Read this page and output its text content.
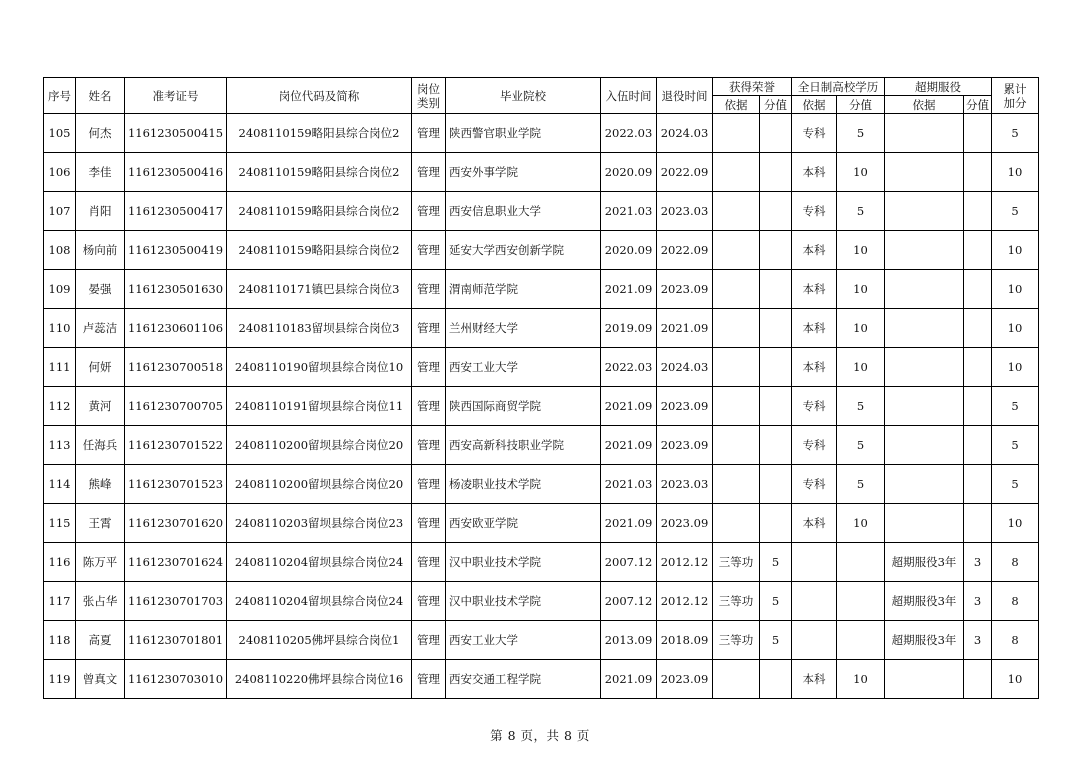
序号	姓名	准考证号	岗位代码及简称	岗位类别	毕业院校	入伍时间	退役时间	获得荣誉		全日制高校学历		超期服役		累计加分
								依据	分值	依据	分值	依据	分值	
105	何杰	1161230500415	2408110159略阳县综合岗位2	管理	陕西警官职业学院	2022.03	2024.03			专科	5			5
106	李佳	1161230500416	2408110159略阳县综合岗位2	管理	西安外事学院	2020.09	2022.09			本科	10			10
107	肖阳	1161230500417	2408110159略阳县综合岗位2	管理	西安信息职业大学	2021.03	2023.03			专科	5			5
108	杨向前	1161230500419	2408110159略阳县综合岗位2	管理	延安大学西安创新学院	2020.09	2022.09			本科	10			10
109	晏强	1161230501630	2408110171镇巴县综合岗位3	管理	渭南师范学院	2021.09	2023.09			本科	10			10
110	卢蕊洁	1161230601106	2408110183留坝县综合岗位3	管理	兰州财经大学	2019.09	2021.09			本科	10			10
111	何妍	1161230700518	2408110190留坝县综合岗位10	管理	西安工业大学	2022.03	2024.03			本科	10			10
112	黄河	1161230700705	2408110191留坝县综合岗位11	管理	陕西国际商贸学院	2021.09	2023.09			专科	5			5
113	任海兵	1161230701522	2408110200留坝县综合岗位20	管理	西安高新科技职业学院	2021.09	2023.09			专科	5			5
114	熊峰	1161230701523	2408110200留坝县综合岗位20	管理	杨凌职业技术学院	2021.03	2023.03			专科	5			5
115	王霄	1161230701620	2408110203留坝县综合岗位23	管理	西安欧亚学院	2021.09	2023.09			本科	10			10
116	陈万平	1161230701624	2408110204留坝县综合岗位24	管理	汉中职业技术学院	2007.12	2012.12	三等功	5			超期服役3年	3	8
117	张占华	1161230701703	2408110204留坝县综合岗位24	管理	汉中职业技术学院	2007.12	2012.12	三等功	5			超期服役3年	3	8
118	高夏	1161230701801	2408110205佛坪县综合岗位1	管理	西安工业大学	2013.09	2018.09	三等功	5			超期服役3年	3	8
119	曾真文	1161230703010	2408110220佛坪县综合岗位16	管理	西安交通工程学院	2021.09	2023.09			本科	10			10
第 8 页，共 8 页
